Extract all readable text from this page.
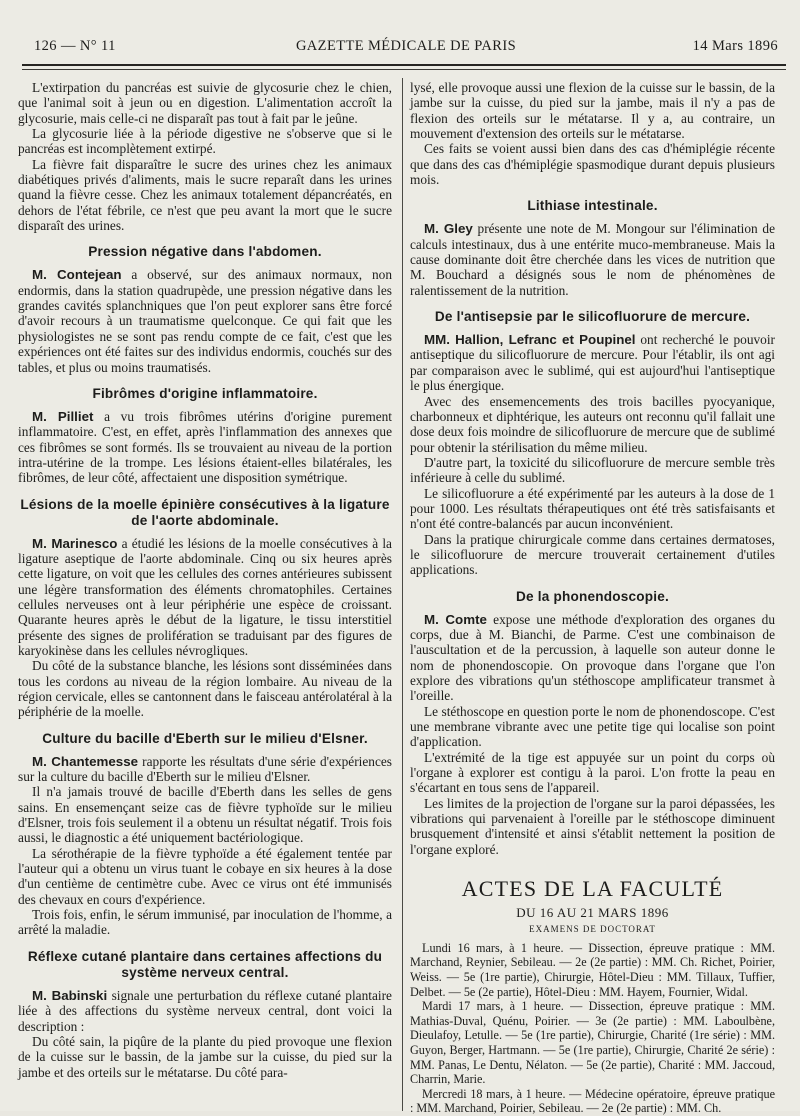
126 — N° 11	GAZETTE MÉDICALE DE PARIS	14 Mars 1896

L'extirpation du pancréas est suivie de glycosurie chez le chien, que l'animal soit à jeun ou en digestion. L'alimentation accroît la glycosurie, mais celle-ci ne disparaît pas tout à fait par le jeûne.

La glycosurie liée à la période digestive ne s'observe que si le pancréas est incomplètement extirpé.

La fièvre fait disparaître le sucre des urines chez les animaux diabétiques privés d'aliments, mais le sucre reparaît dans les urines quand la fièvre cesse. Chez les animaux totalement dépancréatés, en dehors de l'état fébrile, ce n'est que peu avant la mort que le sucre disparaît des urines.

Pression négative dans l'abdomen.

M. Contejean a observé, sur des animaux normaux, non endormis, dans la station quadrupède, une pression négative dans les grandes cavités splanchniques que l'on peut explorer sans être forcé d'avoir recours à un traumatisme quelconque. Ce qui fait que les physiologistes ne se sont pas rendu compte de ce fait, c'est que les expériences ont été faites sur des individus endormis, couchés sur des tables, et plus ou moins traumatisés.

Fibrômes d'origine inflammatoire.

M. Pilliet a vu trois fibrômes utérins d'origine purement inflammatoire. C'est, en effet, après l'inflammation des annexes que ces fibrômes se sont formés. Ils se trouvaient au niveau de la portion intra-utérine de la trompe. Les lésions étaient-elles bilatérales, les fibrômes, de leur côté, affectaient une disposition symétrique.

Lésions de la moelle épinière consécutives à la ligature de l'aorte abdominale.

M. Marinesco a étudié les lésions de la moelle consécutives à la ligature aseptique de l'aorte abdominale. Cinq ou six heures après cette ligature, on voit que les cellules des cornes antérieures subissent une légère transformation des éléments chromatophiles. Certaines cellules nerveuses ont à leur périphérie une espèce de croissant. Quarante heures après le début de la ligature, le tissu interstitiel présente des signes de prolifération se traduisant par des figures de karyokinèse dans les cellules névrogliques.

Du côté de la substance blanche, les lésions sont disséminées dans tous les cordons au niveau de la région lombaire. Au niveau de la région cervicale, elles se cantonnent dans le faisceau antérolatéral à la périphérie de la moelle.

Culture du bacille d'Eberth sur le milieu d'Elsner.

M. Chantemesse rapporte les résultats d'une série d'expériences sur la culture du bacille d'Eberth sur le milieu d'Elsner.

Il n'a jamais trouvé de bacille d'Eberth dans les selles de gens sains. En ensemençant seize cas de fièvre typhoïde sur le milieu d'Elsner, trois fois seulement il a obtenu un résultat négatif. Trois fois aussi, le diagnostic a été uniquement bactériologique.

La sérothérapie de la fièvre typhoïde a été également tentée par l'auteur qui a obtenu un virus tuant le cobaye en six heures à la dose d'un centième de centimètre cube. Avec ce virus ont été immunisés des chevaux en cours d'expérience.

Trois fois, enfin, le sérum immunisé, par inoculation de l'homme, a arrêté la maladie.

Réflexe cutané plantaire dans certaines affections du système nerveux central.

M. Babinski signale une perturbation du réflexe cutané plantaire liée à des affections du système nerveux central, dont voici la description :

Du côté sain, la piqûre de la plante du pied provoque une flexion de la cuisse sur le bassin, de la jambe sur la cuisse, du pied sur la jambe et des orteils sur le métatarse. Du côté para-

lysé, elle provoque aussi une flexion de la cuisse sur le bassin, de la jambe sur la cuisse, du pied sur la jambe, mais il n'y a pas de flexion des orteils sur le métatarse. Il y a, au contraire, un mouvement d'extension des orteils sur le métatarse.

Ces faits se voient aussi bien dans des cas d'hémiplégie récente que dans des cas d'hémiplégie spasmodique durant depuis plusieurs mois.

Lithiase intestinale.

M. Gley présente une note de M. Mongour sur l'élimination de calculs intestinaux, dus à une entérite muco-membraneuse. Mais la cause dominante doit être cherchée dans les vices de nutrition que M. Bouchard a désignés sous le nom de phénomènes de ralentissement de la nutrition.

De l'antisepsie par le silicofluorure de mercure.

MM. Hallion, Lefranc et Poupinel ont recherché le pouvoir antiseptique du silicofluorure de mercure. Pour l'établir, ils ont agi par comparaison avec le sublimé, qui est aujourd'hui l'antiseptique le plus énergique.

Avec des ensemencements des trois bacilles pyocyanique, charbonneux et diphtérique, les auteurs ont reconnu qu'il fallait une dose deux fois moindre de silicofluorure de mercure que de sublimé pour obtenir la stérilisation du même milieu.

D'autre part, la toxicité du silicofluorure de mercure semble très inférieure à celle du sublimé.

Le silicofluorure a été expérimenté par les auteurs à la dose de 1 pour 1000. Les résultats thérapeutiques ont été très satisfaisants et n'ont été contre-balancés par aucun inconvénient.

Dans la pratique chirurgicale comme dans certaines dermatoses, le silicofluorure de mercure trouverait certainement d'utiles applications.

De la phonendoscopie.

M. Comte expose une méthode d'exploration des organes du corps, due à M. Bianchi, de Parme. C'est une combinaison de l'auscultation et de la percussion, à laquelle son auteur donne le nom de phonendoscopie. On provoque dans l'organe que l'on explore des vibrations qu'un stéthoscope amplificateur transmet à l'oreille.

Le stéthoscope en question porte le nom de phonendoscope. C'est une membrane vibrante avec une petite tige qui localise son point d'application.

L'extrémité de la tige est appuyée sur un point du corps où l'organe à explorer est contigu à la paroi. L'on frotte la peau en s'écartant en tous sens de l'appareil.

Les limites de la projection de l'organe sur la paroi dépassées, les vibrations qui parvenaient à l'oreille par le stéthoscope diminuent brusquement d'intensité et ainsi s'établit nettement la position de l'organe exploré.

ACTES DE LA FACULTÉ
DU 16 AU 21 MARS 1896
EXAMENS DE DOCTORAT

Lundi 16 mars, à 1 heure. — Dissection, épreuve pratique : MM. Marchand, Reynier, Sebileau. — 2e (2e partie) : MM. Ch. Richet, Poirier, Weiss. — 5e (1re partie), Chirurgie, Hôtel-Dieu : MM. Tillaux, Tuffier, Delbet. — 5e (2e partie), Hôtel-Dieu : MM. Hayem, Fournier, Widal.

Mardi 17 mars, à 1 heure. — Dissection, épreuve pratique : MM. Mathias-Duval, Quénu, Poirier. — 3e (2e partie) : MM. Laboulbène, Dieulafoy, Letulle. — 5e (1re partie), Chirurgie, Charité (1re série) : MM. Guyon, Berger, Hartmann. — 5e (1re partie), Chirurgie, Charité 2e série) : MM. Panas, Le Dentu, Nélaton. — 5e (2e partie), Charité : MM. Jaccoud, Charrin, Marie.

Mercredi 18 mars, à 1 heure. — Médecine opératoire, épreuve pratique : MM. Marchand, Poirier, Sebileau. — 2e (2e partie) : MM. Ch.
